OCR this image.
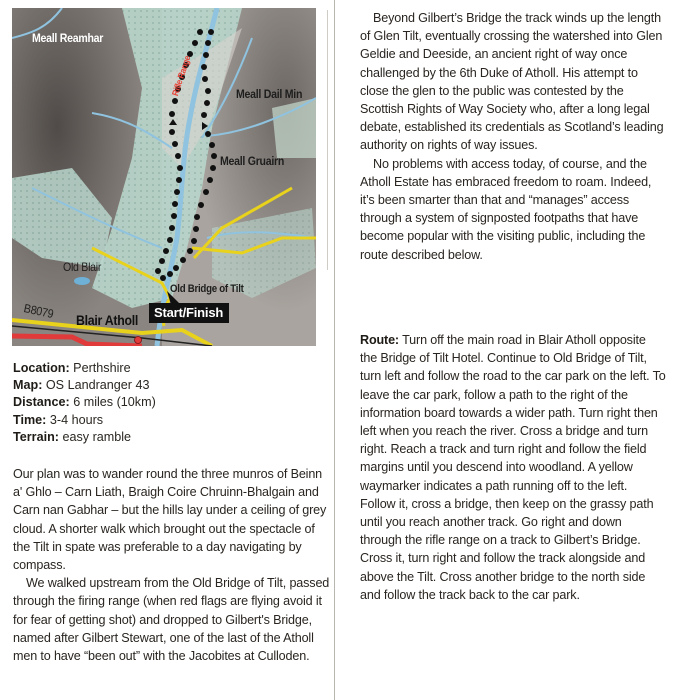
Meall Reamhar
Meall Dail Min
Meall Gruairn
Rifle Range
Old Blair
Old Bridge of Tilt
B8079 Blair Atholl	Start/Finish
Location: Perthshire
Map: OS Landranger 43
Distance: 6 miles (10km)
Time: 3-4 hours
Terrain: easy ramble

Our plan was to wander round the three munros of Beinn a' Ghlo – Carn Liath, Braigh Coire Chruinn-Bhalgain and Carn nan Gabhar – but the hills lay under a ceiling of grey cloud. A shorter walk which brought out the spectacle of the Tilt in spate was preferable to a day navigating by compass.

We walked upstream from the Old Bridge of Tilt, passed through the firing range (when red flags are flying avoid it for fear of getting shot) and dropped to Gilbert's Bridge, named after Gilbert Stewart, one of the last of the Atholl men to have “been out” with the Jacobites at Culloden.

Beyond Gilbert’s Bridge the track winds up the length of Glen Tilt, eventually crossing the watershed into Glen Geldie and Deeside, an ancient right of way once challenged by the 6th Duke of Atholl. His attempt to close the glen to the public was contested by the Scottish Rights of Way Society who, after a long legal debate, established its credentials as Scotland’s leading authority on rights of way issues.

No problems with access today, of course, and the Atholl Estate has embraced freedom to roam. Indeed, it’s been smarter than that and “manages” access through a system of signposted footpaths that have become popular with the visiting public, including the route described below.

Route: Turn off the main road in Blair Atholl opposite the Bridge of Tilt Hotel. Continue to Old Bridge of Tilt, turn left and follow the road to the car park on the left. To leave the car park, follow a path to the right of the information board towards a wider path. Turn right then left when you reach the river. Cross a bridge and turn right. Reach a track and turn right and follow the field margins until you descend into woodland. A yellow waymarker indicates a path running off to the left. Follow it, cross a bridge, then keep on the grassy path until you reach another track. Go right and down through the rifle range on a track to Gilbert’s Bridge. Cross it, turn right and follow the track alongside and above the Tilt. Cross another bridge to the north side and follow the track back to the car park.
